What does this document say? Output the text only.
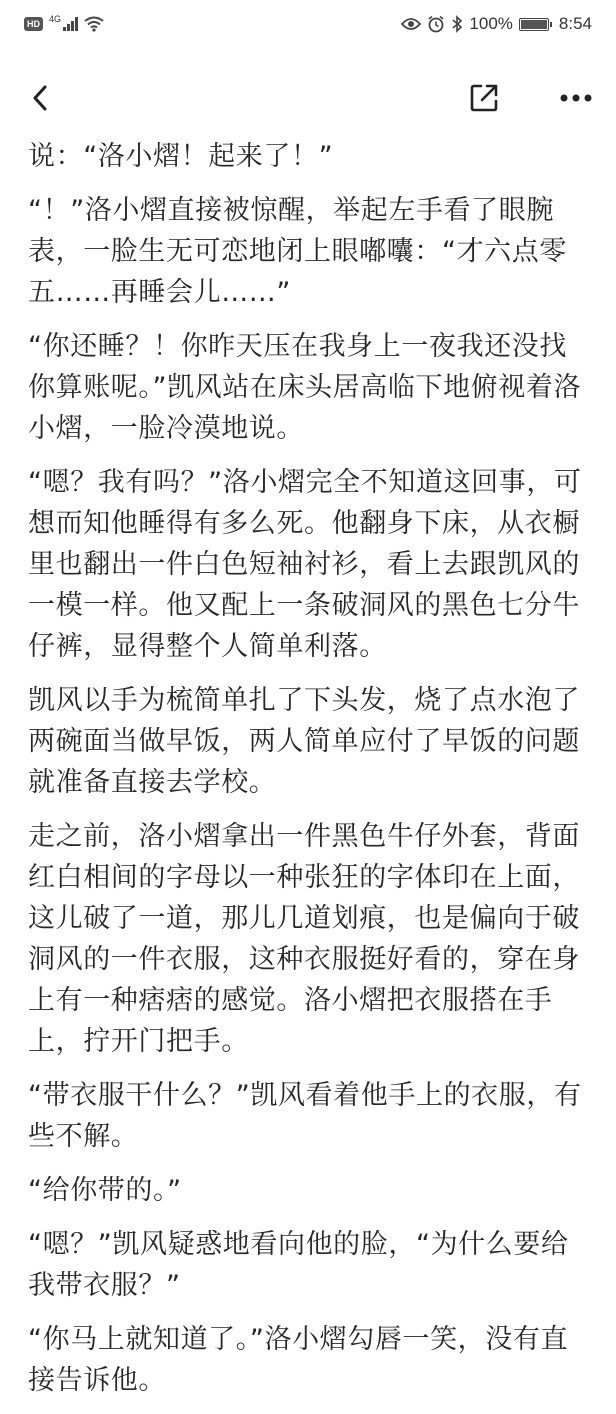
HD
4G	100%	8:54

说：“洛小熠！起来了！”

“！”洛小熠直接被惊醒，举起左手看了眼腕表，一脸生无可恋地闭上眼嘟囔：“才六点零五……再睡会儿……”

“你还睡？！你昨天压在我身上一夜我还没找你算账呢。”凯风站在床头居高临下地俯视着洛小熠，一脸冷漠地说。

“嗯？我有吗？”洛小熠完全不知道这回事，可想而知他睡得有多么死。他翻身下床，从衣橱里也翻出一件白色短袖衬衫，看上去跟凯风的一模一样。他又配上一条破洞风的黑色七分牛仔裤，显得整个人简单利落。

凯风以手为梳简单扎了下头发，烧了点水泡了两碗面当做早饭，两人简单应付了早饭的问题就准备直接去学校。

走之前，洛小熠拿出一件黑色牛仔外套，背面红白相间的字母以一种张狂的字体印在上面，这儿破了一道，那儿几道划痕，也是偏向于破洞风的一件衣服，这种衣服挺好看的，穿在身上有一种痞痞的感觉。洛小熠把衣服搭在手上，拧开门把手。

“带衣服干什么？”凯风看着他手上的衣服，有些不解。

“给你带的。”

“嗯？”凯风疑惑地看向他的脸，“为什么要给我带衣服？”

“你马上就知道了。”洛小熠勾唇一笑，没有直接告诉他。
